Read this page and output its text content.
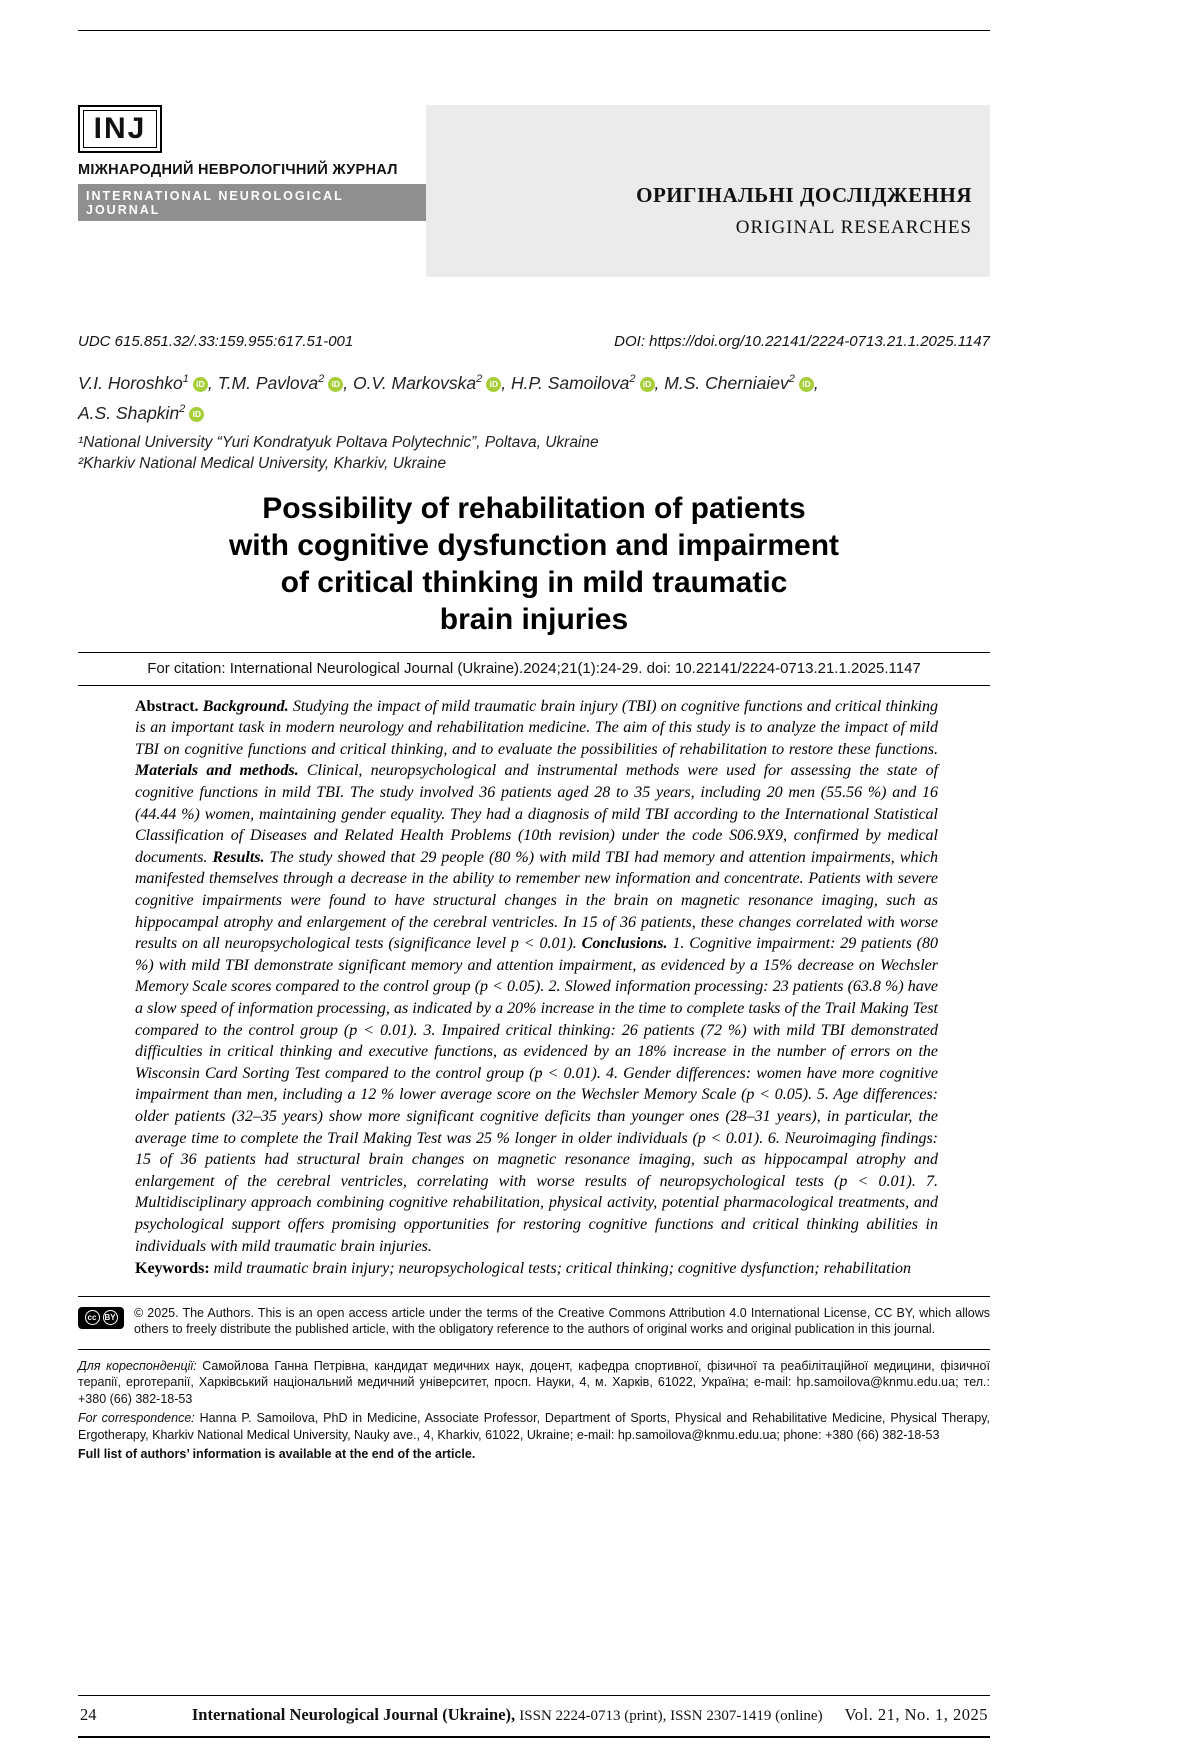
INJ
МІЖНАРОДНИЙ НЕВРОЛОГІЧНИЙ ЖУРНАЛ
INTERNATIONAL NEUROLOGICAL JOURNAL
ОРИГІНАЛЬНІ ДОСЛІДЖЕННЯ
ORIGINAL RESEARCHES
UDC 615.851.32/.33:159.955:617.51-001	DOI: https://doi.org/10.22141/2224-0713.21.1.2025.1147
V.I. Horoshko$^1$ iD , T.M. Pavlova$^2$ iD , O.V. Markovska$^2$ iD , H.P. Samoilova$^2$ iD , M.S. Cherniaiev$^2$ iD ,
A.S. Shapkin$^2$ iD
¹National University “Yuri Kondratyuk Poltava Polytechnic”, Poltava, Ukraine
²Kharkiv National Medical University, Kharkiv, Ukraine
Possibility of rehabilitation of patients
with cognitive dysfunction and impairment
of critical thinking in mild traumatic
brain injuries
For citation: International Neurological Journal (Ukraine).2024;21(1):24-29. doi: 10.22141/2224-0713.21.1.2025.1147

Abstract. Background. Studying the impact of mild traumatic brain injury (TBI) on cognitive functions and critical thinking is an important task in modern neurology and rehabilitation medicine. The aim of this study is to analyze the impact of mild TBI on cognitive functions and critical thinking, and to evaluate the possibilities of rehabilitation to restore these functions. Materials and methods. Clinical, neuropsychological and instrumental methods were used for assessing the state of cognitive functions in mild TBI. The study involved 36 patients aged 28 to 35 years, including 20 men (55.56 %) and 16 (44.44 %) women, maintaining gender equality. They had a diagnosis of mild TBI according to the International Statistical Classification of Diseases and Related Health Problems (10th revision) under the code S06.9X9, confirmed by medical documents. Results. The study showed that 29 people (80 %) with mild TBI had memory and attention impairments, which manifested themselves through a decrease in the ability to remember new information and concentrate. Patients with severe cognitive impairments were found to have structural changes in the brain on magnetic resonance imaging, such as hippocampal atrophy and enlargement of the cerebral ventricles. In 15 of 36 patients, these changes correlated with worse results on all neuropsychological tests (significance level p < 0.01). Conclusions. 1. Cognitive impairment: 29 patients (80 %) with mild TBI demonstrate significant memory and attention impairment, as evidenced by a 15% decrease on Wechsler Memory Scale scores compared to the control group (p < 0.05). 2. Slowed information processing: 23 patients (63.8 %) have a slow speed of information processing, as indicated by a 20% increase in the time to complete tasks of the Trail Making Test compared to the control group (p < 0.01). 3. Impaired critical thinking: 26 patients (72 %) with mild TBI demonstrated difficulties in critical thinking and executive functions, as evidenced by an 18% increase in the number of errors on the Wisconsin Card Sorting Test compared to the control group (p < 0.01). 4. Gender differences: women have more cognitive impairment than men, including a 12 % lower average score on the Wechsler Memory Scale (p < 0.05). 5. Age differences: older patients (32–35 years) show more significant cognitive deficits than younger ones (28–31 years), in particular, the average time to complete the Trail Making Test was 25 % longer in older individuals (p < 0.01). 6. Neuroimaging findings: 15 of 36 patients had structural brain changes on magnetic resonance imaging, such as hippocampal atrophy and enlargement of the cerebral ventricles, correlating with worse results of neuropsychological tests (p < 0.01). 7. Multidisciplinary approach combining cognitive rehabilitation, physical activity, potential pharmacological treatments, and psychological support offers promising opportunities for restoring cognitive functions and critical thinking abilities in individuals with mild traumatic brain injuries.

Keywords: mild traumatic brain injury; neuropsychological tests; critical thinking; cognitive dysfunction; rehabilitation

cc BY © 2025. The Authors. This is an open access article under the terms of the Creative Commons Attribution 4.0 International License, CC BY, which allows others to freely distribute the published article, with the obligatory reference to the authors of original works and original publication in this journal.

Для кореспонденції: Самойлова Ганна Петрівна, кандидат медичних наук, доцент, кафедра спортивної, фізичної та реабілітаційної медицини, фізичної терапії, ерготерапії, Харківський національний медичний університет, просп. Науки, 4, м. Харків, 61022, Україна; e-mail: hp.samoilova@knmu.edu.ua; тел.: +380 (66) 382-18-53

For correspondence: Hanna P. Samoilova, PhD in Medicine, Associate Professor, Department of Sports, Physical and Rehabilitative Medicine, Physical Therapy, Ergotherapy, Kharkiv National Medical University, Nauky ave., 4, Kharkiv, 61022, Ukraine; e-mail: hp.samoilova@knmu.edu.ua; phone: +380 (66) 382-18-53

Full list of authors’ information is available at the end of the article.

24	International Neurological Journal (Ukraine), ISSN 2224-0713 (print), ISSN 2307-1419 (online)	Vol. 21, No. 1, 2025
